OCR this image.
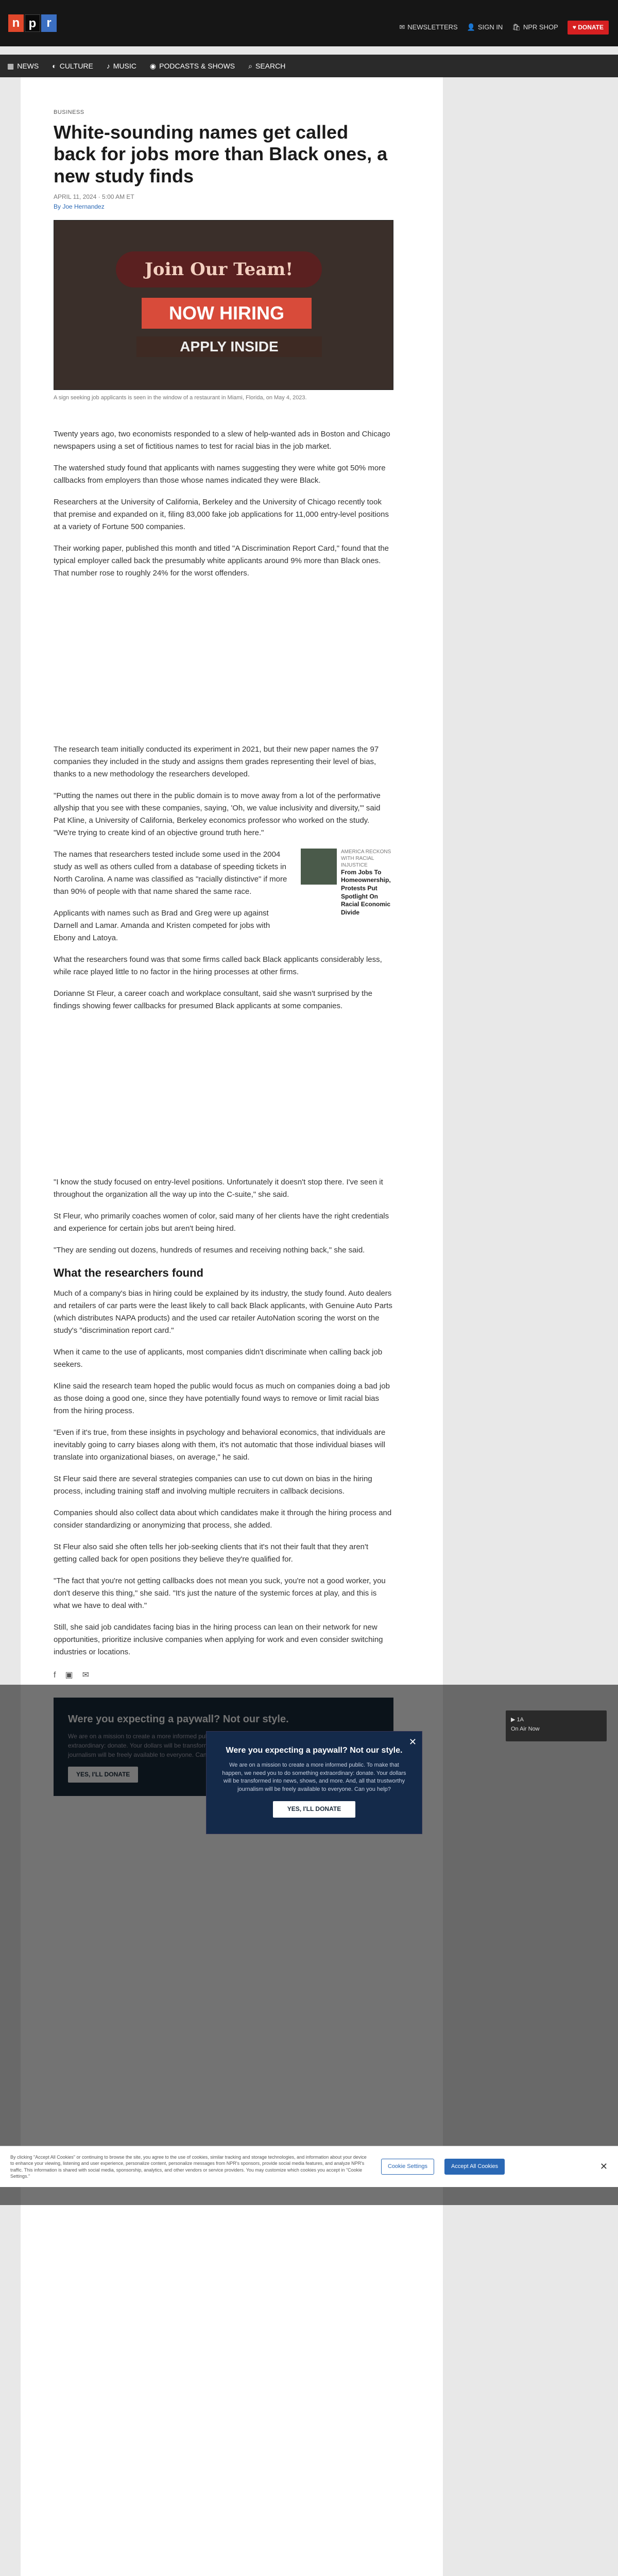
n p r	✉ NEWSLETTERS 👤 SIGN IN 🛍 NPR SHOP	♥ DONATE
▦ NEWS ◐ CULTURE ♪ MUSIC ◉ PODCASTS & SHOWS ⌕ SEARCH
BUSINESS
White-sounding names get called back for jobs more than Black ones, a new study finds
APRIL 11, 2024 · 5:00 AM ET
By Joe Hernandez
Join Our Team!
NOW HIRING
APPLY INSIDE
A sign seeking job applicants is seen in the window of a restaurant in Miami, Florida, on May 4, 2023.

Twenty years ago, two economists responded to a slew of help-wanted ads in Boston and Chicago newspapers using a set of fictitious names to test for racial bias in the job market.

The watershed study found that applicants with names suggesting they were white got 50% more callbacks from employers than those whose names indicated they were Black.

Researchers at the University of California, Berkeley and the University of Chicago recently took that premise and expanded on it, filing 83,000 fake job applications for 11,000 entry-level positions at a variety of Fortune 500 companies.

Their working paper, published this month and titled "A Discrimination Report Card," found that the typical employer called back the presumably white applicants around 9% more than Black ones. That number rose to roughly 24% for the worst offenders.

The research team initially conducted its experiment in 2021, but their new paper names the 97 companies they included in the study and assigns them grades representing their level of bias, thanks to a new methodology the researchers developed.

"Putting the names out there in the public domain is to move away from a lot of the performative allyship that you see with these companies, saying, 'Oh, we value inclusivity and diversity,'" said Pat Kline, a University of California, Berkeley economics professor who worked on the study. "We're trying to create kind of an objective ground truth here."

AMERICA RECKONS WITH RACIAL INJUSTICE
From Jobs To Homeownership, Protests Put Spotlight On Racial Economic Divide

The names that researchers tested include some used in the 2004 study as well as others culled from a database of speeding tickets in North Carolina. A name was classified as "racially distinctive" if more than 90% of people with that name shared the same race.

Applicants with names such as Brad and Greg were up against Darnell and Lamar. Amanda and Kristen competed for jobs with Ebony and Latoya.

What the researchers found was that some firms called back Black applicants considerably less, while race played little to no factor in the hiring processes at other firms.

Dorianne St Fleur, a career coach and workplace consultant, said she wasn't surprised by the findings showing fewer callbacks for presumed Black applicants at some companies.

"I know the study focused on entry-level positions. Unfortunately it doesn't stop there. I've seen it throughout the organization all the way up into the C-suite," she said.

St Fleur, who primarily coaches women of color, said many of her clients have the right credentials and experience for certain jobs but aren't being hired.

"They are sending out dozens, hundreds of resumes and receiving nothing back," she said.

What the researchers found

Much of a company's bias in hiring could be explained by its industry, the study found. Auto dealers and retailers of car parts were the least likely to call back Black applicants, with Genuine Auto Parts (which distributes NAPA products) and the used car retailer AutoNation scoring the worst on the study's "discrimination report card."

When it came to the use of applicants, most companies didn't discriminate when calling back job seekers.

Kline said the research team hoped the public would focus as much on companies doing a bad job as those doing a good one, since they have potentially found ways to remove or limit racial bias from the hiring process.

"Even if it's true, from these insights in psychology and behavioral economics, that individuals are inevitably going to carry biases along with them, it's not automatic that those individual biases will translate into organizational biases, on average," he said.

St Fleur said there are several strategies companies can use to cut down on bias in the hiring process, including training staff and involving multiple recruiters in callback decisions.

Companies should also collect data about which candidates make it through the hiring process and consider standardizing or anonymizing that process, she added.

St Fleur also said she often tells her job-seeking clients that it's not their fault that they aren't getting called back for open positions they believe they're qualified for.

"The fact that you're not getting callbacks does not mean you suck, you're not a good worker, you don't deserve this thing," she said. "It's just the nature of the systemic forces at play, and this is what we have to deal with."

Still, she said job candidates facing bias in the hiring process can lean on their network for new opportunities, prioritize inclusive companies when applying for work and even consider switching industries or locations.

f ▣ ✉

✕
Were you expecting a paywall? Not our style.

We are on a mission to create a more informed public. To make that happen, we need you to do something extraordinary: donate. Your dollars will be transformed into news, shows, and more. And, all that trustworthy journalism will be freely available to everyone. Can you help?

YES, I'LL DONATE
▶ 1A
On Air Now

By clicking "Accept All Cookies" or continuing to browse the site, you agree to the use of cookies, similar tracking and storage technologies, and information about your device to enhance your viewing, listening and user experience, personalize content, personalize messages from NPR's sponsors, provide social media features, and analyze NPR's traffic. This information is shared with social media, sponsorship, analytics, and other vendors or service providers. You may customize which cookies you accept in "Cookie Settings."

Cookie Settings	Accept All Cookies	✕
